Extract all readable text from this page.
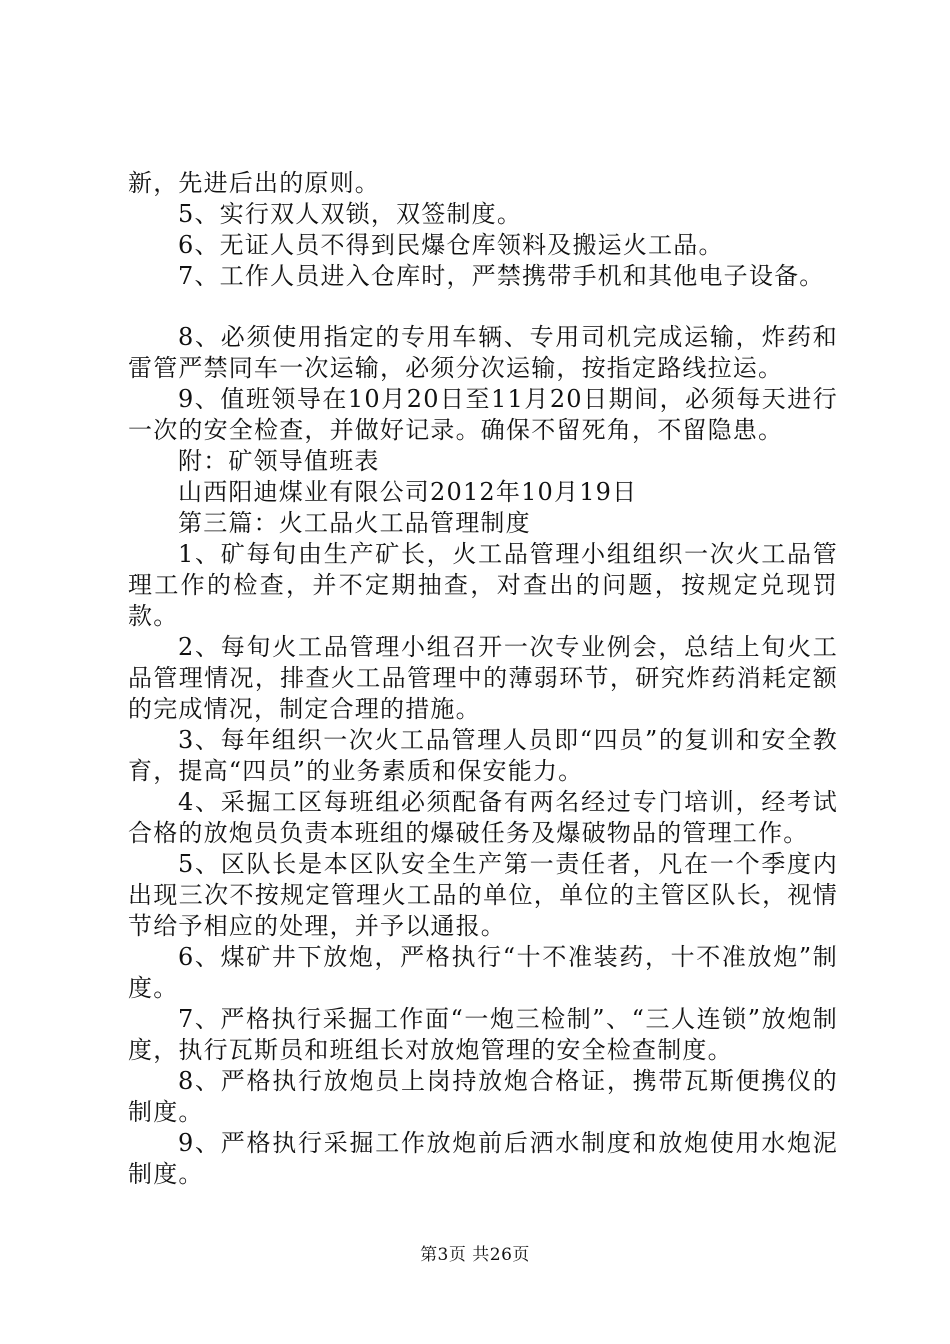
新，先进后出的原则。

5、实行双人双锁，双签制度。

6、无证人员不得到民爆仓库领料及搬运火工品。

7、工作人员进入仓库时，严禁携带手机和其他电子设备。

8、必须使用指定的专用车辆、专用司机完成运输，炸药和雷管严禁同车一次运输，必须分次运输，按指定路线拉运。

9、值班领导在10月20日至11月20日期间，必须每天进行一次的安全检查，并做好记录。确保不留死角，不留隐患。

附：矿领导值班表

山西阳迪煤业有限公司2012年10月19日

第三篇：火工品火工品管理制度

1、矿每旬由生产矿长，火工品管理小组组织一次火工品管理工作的检查，并不定期抽查，对查出的问题，按规定兑现罚款。

2、每旬火工品管理小组召开一次专业例会，总结上旬火工品管理情况，排查火工品管理中的薄弱环节，研究炸药消耗定额的完成情况，制定合理的措施。

3、每年组织一次火工品管理人员即“四员”的复训和安全教育，提高“四员”的业务素质和保安能力。

4、采掘工区每班组必须配备有两名经过专门培训，经考试合格的放炮员负责本班组的爆破任务及爆破物品的管理工作。

5、区队长是本区队安全生产第一责任者，凡在一个季度内出现三次不按规定管理火工品的单位，单位的主管区队长，视情节给予相应的处理，并予以通报。

6、煤矿井下放炮，严格执行“十不准装药，十不准放炮”制度。

7、严格执行采掘工作面“一炮三检制”、“三人连锁”放炮制度，执行瓦斯员和班组长对放炮管理的安全检查制度。

8、严格执行放炮员上岗持放炮合格证，携带瓦斯便携仪的制度。

9、严格执行采掘工作放炮前后洒水制度和放炮使用水炮泥制度。

第3页 共26页
